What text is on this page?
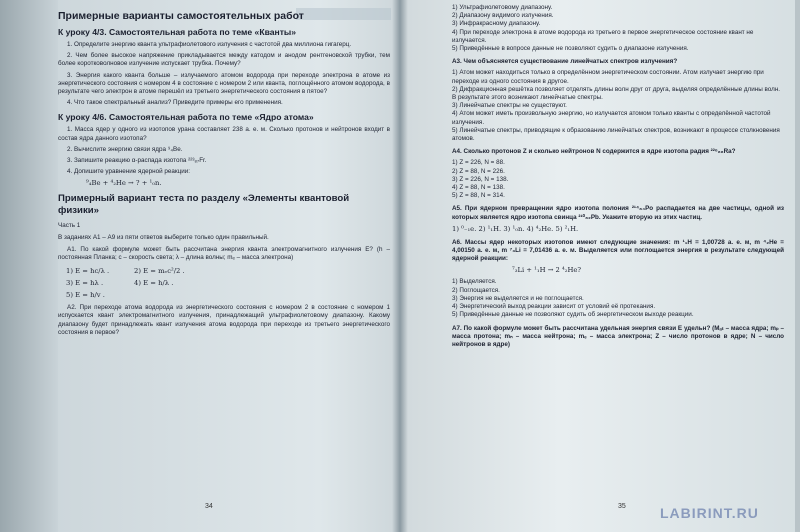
Примерные варианты самостоятельных работ
К уроку 4/3. Самостоятельная работа по теме «Кванты»
1. Определите энергию кванта ультрафиолетового излучения с частотой два миллиона гигагерц.
2. Чем более высокое напряжение прикладывается между катодом и анодом рентгеновской трубки, тем более коротковолновое излучение испускает трубка. Почему?
3. Энергия какого кванта больше – излучаемого атомом водорода при переходе электрона в атоме из энергетического состояния с номером 4 в состояние с номером 2 или кванта, поглощённого атомом водорода, в результате чего электрон в атоме перешёл из третьего энергетического состояния в пятое?
4. Что такое спектральный анализ? Приведите примеры его применения.
К уроку 4/6. Самостоятельная работа по теме «Ядро атома»
1. Масса ядер у одного из изотопов урана составляет 238 а. е. м. Сколько протонов и нейтронов входит в состав ядра данного изотопа?
2. Вычислите энергию связи ядра ⁹₄Be.
3. Запишите реакцию α-распада изотопа ²²³₈₇Fr.
4. Допишите уравнение ядерной реакции:
⁹₄Be + ⁴₂He → ? + ¹₀n.
Примерный вариант теста по разделу «Элементы квантовой физики»
Часть 1
В заданиях А1 – А9 из пяти ответов выберите только один правильный.
А1. По какой формуле может быть рассчитана энергия кванта электромагнитного излучения E? (h – постоянная Планка; c – скорость света; λ – длина волны; mₑ – масса электрона)
1) E = hc/λ .	2) E = mₑc²/2 .
3) E = hλ .	4) E = h/λ .
5) E = h/v .
А2. При переходе атома водорода из энергетического состояния с номером 2 в состояние с номером 1 испускается квант электромагнитного излучения, принадлежащий ультрафиолетовому диапазону. Какому диапазону будет принадлежать квант излучения атома водорода при переходе из третьего энергетического состояния в первое?
34
1) Ультрафиолетовому диапазону.
2) Диапазону видимого излучения.
3) Инфракрасному диапазону.
4) При переходе электрона в атоме водорода из третьего в первое энергетическое состояние квант не излучается.
5) Приведённые в вопросе данные не позволяют судить о диапазоне излучения.
А3. Чем объясняется существование линейчатых спектров излучения?
1) Атом может находиться только в определённом энергетическом состоянии. Атом излучает энергию при переходе из одного состояния в другое.
2) Дифракционная решётка позволяет отделять длины волн друг от друга, выделяя определённые длины волн. В результате этого возникают линейчатые спектры.
3) Линейчатые спектры не существуют.
4) Атом может иметь произвольную энергию, но излучается атомом только кванты с определённой частотой излучения.
5) Линейчатые спектры, приводящие к образованию линейчатых спектров, возникают в процессе столкновения атомов.
А4. Сколько протонов Z и сколько нейтронов N содержится в ядре изотопа радия ²²⁶₈₈Ra?
1) Z = 226, N = 88.
2) Z = 88, N = 226.
3) Z = 226, N = 138.
4) Z = 88, N = 138.
5) Z = 88, N = 314.
А5. При ядерном превращении ядро изотопа полония ²¹⁴₈₄Po распадается на две частицы, одной из которых является ядро изотопа свинца ²¹⁰₈₂Pb. Укажите вторую из этих частиц.
1) ⁰₋₁e. 2) ¹₁H. 3) ¹₀n. 4) ⁴₂He. 5) ²₁H.
А6. Массы ядер некоторых изотопов имеют следующие значения: m ¹₁H = 1,00728 а. е. м, m ⁴₂He = 4,00150 а. е. м, m ⁷₃Li = 7,01436 а. е. м. Выделяется или поглощается энергия в результате следующей ядерной реакции:
⁷₃Li + ¹₁H → 2 ⁴₂He?
1) Выделяется.
2) Поглощается.
3) Энергия не выделяется и не поглощается.
4) Энергетический выход реакции зависит от условий её протекания.
5) Приведённые данные не позволяют судить об энергетическом выходе реакции.
А7. По какой формуле может быть рассчитана удельная энергия связи E удельн? (Mₐₜ – масса ядра; mₚ – масса протона; mₙ – масса нейтрона; mₑ – масса электрона; Z – число протонов в ядре; N – число нейтронов в ядре)
35 LABIRINT.RU
